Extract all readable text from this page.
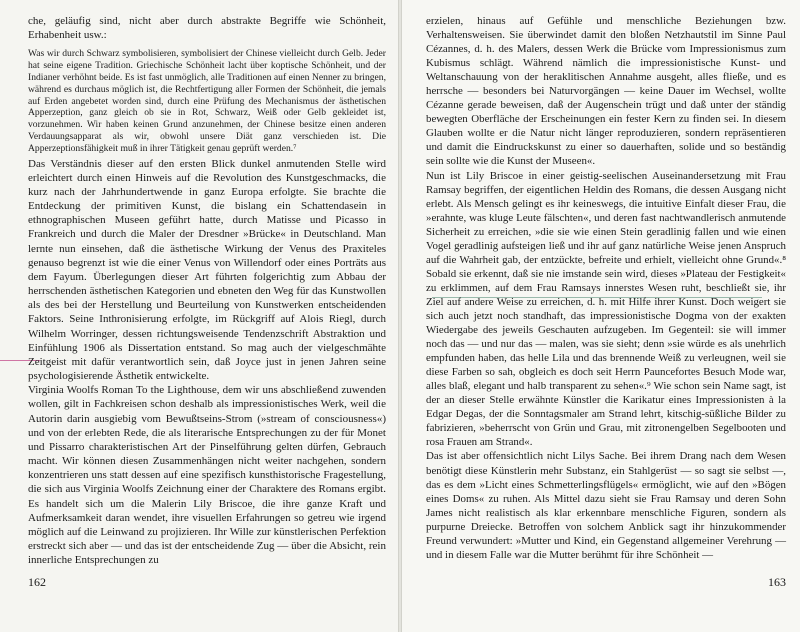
che, geläufig sind, nicht aber durch abstrakte Begriffe wie Schönheit, Erhabenheit usw.:

Was wir durch Schwarz symbolisieren, symbolisiert der Chinese vielleicht durch Gelb. Jeder hat seine eigene Tradition. Griechische Schönheit lacht über koptische Schönheit, und der Indianer verhöhnt beide. Es ist fast unmöglich, alle Traditionen auf einen Nenner zu bringen, während es durchaus möglich ist, die Rechtfertigung aller Formen der Schönheit, die jemals auf Erden angebetet worden sind, durch eine Prüfung des Mechanismus der ästhetischen Apperzeption, ganz gleich ob sie in Rot, Schwarz, Weiß oder Gelb gekleidet ist, vorzunehmen. Wir haben keinen Grund anzunehmen, der Chinese besitze einen anderen Verdauungsapparat als wir, obwohl unsere Diät ganz verschieden ist. Die Apperzeptionsfähigkeit muß in ihrer Tätigkeit genau geprüft werden.⁷

Das Verständnis dieser auf den ersten Blick dunkel anmutenden Stelle wird erleichtert durch einen Hinweis auf die Revolution des Kunstgeschmacks, die kurz nach der Jahrhundertwende in ganz Europa erfolgte. Sie brachte die Entdeckung der primitiven Kunst, die bislang ein Schattendasein in ethnographischen Museen geführt hatte, durch Matisse und Picasso in Frankreich und durch die Maler der Dresdner »Brücke« in Deutschland. Man lernte nun einsehen, daß die ästhetische Wirkung der Venus des Praxiteles genauso begrenzt ist wie die einer Venus von Willendorf oder eines Porträts aus dem Fayum. Überlegungen dieser Art führten folgerichtig zum Abbau der herrschenden ästhetischen Kategorien und ebneten den Weg für das Kunstwollen als des bei der Herstellung und Beurteilung von Kunstwerken entscheidenden Faktors. Seine Inthronisierung erfolgte, im Rückgriff auf Alois Riegl, durch Wilhelm Worringer, dessen richtungsweisende Tendenzschrift Abstraktion und Einfühlung 1906 als Dissertation entstand. So mag auch der vielgeschmähte Zeitgeist mit dafür verantwortlich sein, daß Joyce just in jenen Jahren seine psychologisierende Ästhetik entwickelte.

Virginia Woolfs Roman To the Lighthouse, dem wir uns abschließend zuwenden wollen, gilt in Fachkreisen schon deshalb als impressionistisches Werk, weil die Autorin darin ausgiebig vom Bewußtseins-Strom (»stream of consciousness«) und von der erlebten Rede, die als literarische Entsprechungen zu der für Monet und Pissarro charakteristischen Art der Pinselführung gelten dürfen, Gebrauch macht. Wir können diesen Zusammenhängen nicht weiter nachgehen, sondern konzentrieren uns statt dessen auf eine spezifisch kunsthistorische Fragestellung, die sich aus Virginia Woolfs Zeichnung einer der Charaktere des Romans ergibt. Es handelt sich um die Malerin Lily Briscoe, die ihre ganze Kraft und Aufmerksamkeit daran wendet, ihre visuellen Erfahrungen so getreu wie irgend möglich auf die Leinwand zu projizieren. Ihr Wille zur künstlerischen Perfektion erstreckt sich aber — und das ist der entscheidende Zug — über die Absicht, rein innerliche Entsprechungen zu

162

erzielen, hinaus auf Gefühle und menschliche Beziehungen bzw. Verhaltensweisen. Sie überwindet damit den bloßen Netzhautstil im Sinne Paul Cézannes, d. h. des Malers, dessen Werk die Brücke vom Impressionismus zum Kubismus schlägt. Während nämlich die impressionistische Kunst- und Weltanschauung von der heraklitischen Annahme ausgeht, alles fließe, und es herrsche — besonders bei Naturvorgängen — keine Dauer im Wechsel, wollte Cézanne gerade beweisen, daß der Augenschein trügt und daß unter der ständig bewegten Oberfläche der Erscheinungen ein fester Kern zu finden sei. In diesem Glauben wollte er die Natur nicht länger reproduzieren, sondern repräsentieren und damit die Eindruckskunst zu einer so dauerhaften, solide und so beständig sein sollte wie die Kunst der Museen«.

Nun ist Lily Briscoe in einer geistig-seelischen Auseinandersetzung mit Frau Ramsay begriffen, der eigentlichen Heldin des Romans, die dessen Ausgang nicht erlebt. Als Mensch gelingt es ihr keineswegs, die intuitive Einfalt dieser Frau, die »erahnte, was kluge Leute fälschten«, und deren fast nachtwandlerisch anmutende Sicherheit zu erreichen, »die sie wie einen Stein geradlinig fallen und wie einen Vogel geradlinig aufsteigen ließ und ihr auf ganz natürliche Weise jenen Anspruch auf die Wahrheit gab, der entzückte, befreite und erhielt, vielleicht ohne Grund«.⁸ Sobald sie erkennt, daß sie nie imstande sein wird, dieses »Plateau der Festigkeit« zu erklimmen, auf dem Frau Ramsays innerstes Wesen ruht, beschließt sie, ihr Ziel auf andere Weise zu erreichen, d. h. mit Hilfe ihrer Kunst. Doch weigert sie sich auch jetzt noch standhaft, das impressionistische Dogma von der exakten Wiedergabe des jeweils Geschauten aufzugeben. Im Gegenteil: sie will immer noch das — und nur das — malen, was sie sieht; denn »sie würde es als unehrlich empfunden haben, das helle Lila und das brennende Weiß zu verleugnen, weil sie diese Farben so sah, obgleich es doch seit Herrn Pauncefortes Besuch Mode war, alles blaß, elegant und halb transparent zu sehen«.⁹ Wie schon sein Name sagt, ist der an dieser Stelle erwähnte Künstler die Karikatur eines Impressionisten à la Edgar Degas, der die Sonntagsmaler am Strand lehrt, kitschig-süßliche Bilder zu fabrizieren, »beherrscht von Grün und Grau, mit zitronengelben Segelbooten und rosa Frauen am Strand«.

Das ist aber offensichtlich nicht Lilys Sache. Bei ihrem Drang nach dem Wesen benötigt diese Künstlerin mehr Substanz, ein Stahlgerüst — so sagt sie selbst —, das es dem »Licht eines Schmetterlingsflügels« ermöglicht, wie auf den »Bögen eines Doms« zu ruhen. Als Mittel dazu sieht sie Frau Ramsay und deren Sohn James nicht realistisch als klar erkennbare menschliche Figuren, sondern als purpurne Dreiecke. Betroffen von solchem Anblick sagt ihr hinzukommender Freund verwundert: »Mutter und Kind, ein Gegenstand allgemeiner Verehrung — und in diesem Falle war die Mutter berühmt für ihre Schönheit —

163
